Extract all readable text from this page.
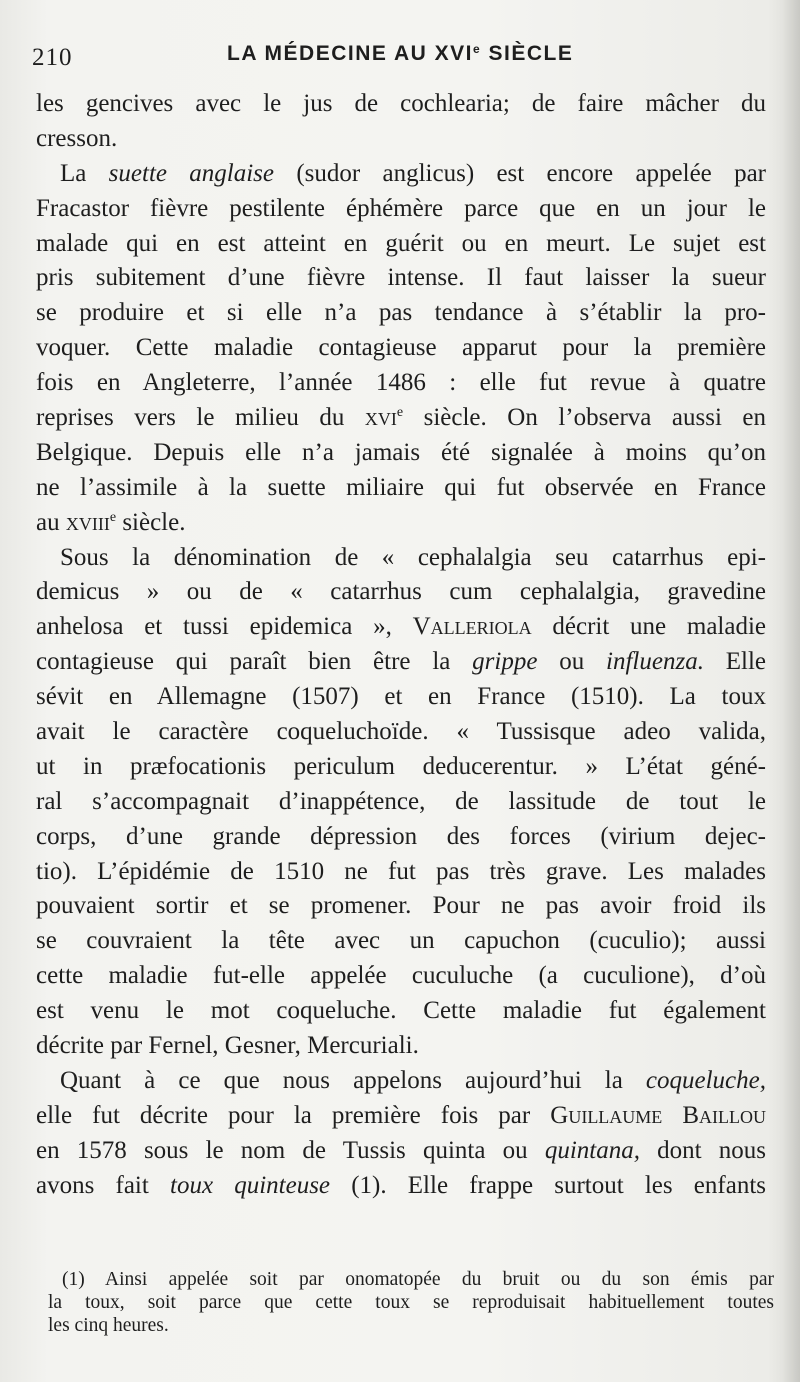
210	LA MÉDECINE AU XVIe SIÈCLE
les gencives avec le jus de cochlearia; de faire mâcher du
cresson.
La suette anglaise (sudor anglicus) est encore appelée par
Fracastor fièvre pestilente éphémère parce que en un jour le
malade qui en est atteint en guérit ou en meurt. Le sujet est
pris subitement d’une fièvre intense. Il faut laisser la sueur
se produire et si elle n’a pas tendance à s’établir la pro-
voquer. Cette maladie contagieuse apparut pour la première
fois en Angleterre, l’année 1486 : elle fut revue à quatre
reprises vers le milieu du xvi$^e$ siècle. On l’observa aussi en
Belgique. Depuis elle n’a jamais été signalée à moins qu’on
ne l’assimile à la suette miliaire qui fut observée en France
au xviii$^e$ siècle.
Sous la dénomination de « cephalalgia seu catarrhus epi-
demicus » ou de « catarrhus cum cephalalgia, gravedine
anhelosa et tussi epidemica », Valleriola décrit une maladie
contagieuse qui paraît bien être la grippe ou influenza. Elle
sévit en Allemagne (1507) et en France (1510). La toux
avait le caractère coqueluchoïde. « Tussisque adeo valida,
ut in præfocationis periculum deducerentur. » L’état géné-
ral s’accompagnait d’inappétence, de lassitude de tout le
corps, d’une grande dépression des forces (virium dejec-
tio). L’épidémie de 1510 ne fut pas très grave. Les malades
pouvaient sortir et se promener. Pour ne pas avoir froid ils
se couvraient la tête avec un capuchon (cuculio); aussi
cette maladie fut-elle appelée cuculuche (a cuculione), d’où
est venu le mot coqueluche. Cette maladie fut également
décrite par Fernel, Gesner, Mercuriali.
Quant à ce que nous appelons aujourd’hui la coqueluche,
elle fut décrite pour la première fois par Guillaume Baillou
en 1578 sous le nom de Tussis quinta ou quintana, dont nous
avons fait toux quinteuse (1). Elle frappe surtout les enfants
(1) Ainsi appelée soit par onomatopée du bruit ou du son émis par
la toux, soit parce que cette toux se reproduisait habituellement toutes
les cinq heures.
